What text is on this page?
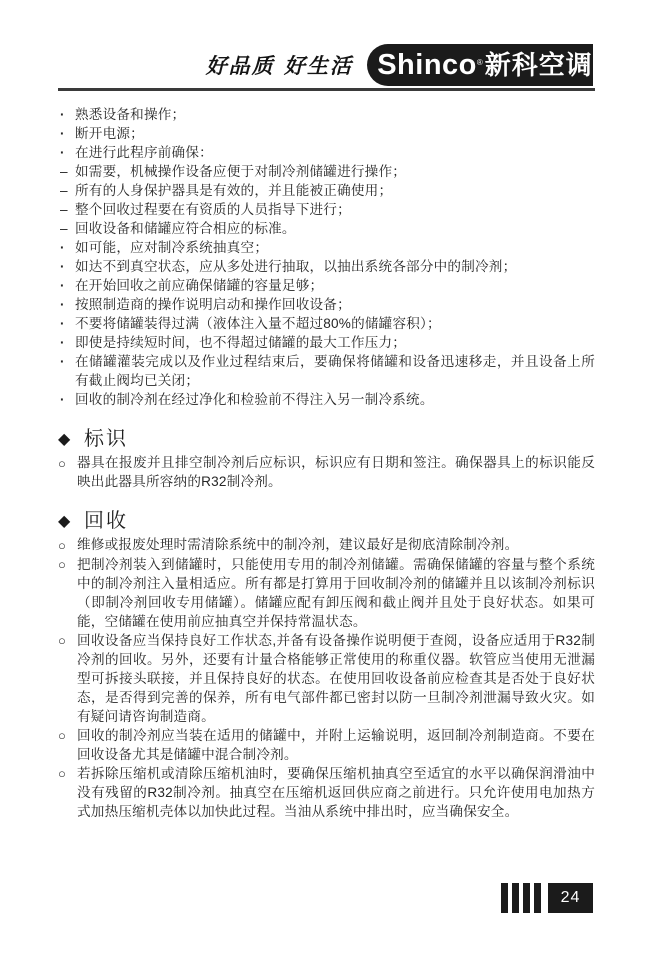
好品质 好生活 Shinco ® 新科空调
· 熟悉设备和操作；
· 断开电源；
· 在进行此程序前确保：
– 如需要，机械操作设备应便于对制冷剂储罐进行操作；
– 所有的人身保护器具是有效的，并且能被正确使用；
– 整个回收过程要在有资质的人员指导下进行；
– 回收设备和储罐应符合相应的标准。
· 如可能，应对制冷系统抽真空；
· 如达不到真空状态，应从多处进行抽取，以抽出系统各部分中的制冷剂；
· 在开始回收之前应确保储罐的容量足够；
· 按照制造商的操作说明启动和操作回收设备；
· 不要将储罐装得过满（液体注入量不超过80%的储罐容积）；
· 即使是持续短时间，也不得超过储罐的最大工作压力；
· 在储罐灌装完成以及作业过程结束后，要确保将储罐和设备迅速移走，并且设备上所有截止阀均已关闭；
· 回收的制冷剂在经过净化和检验前不得注入另一制冷系统。
◆ 标识
○ 器具在报废并且排空制冷剂后应标识，标识应有日期和签注。确保器具上的标识能反映出此器具所容纳的R32制冷剂。
◆ 回收
○ 维修或报废处理时需清除系统中的制冷剂，建议最好是彻底清除制冷剂。
○ 把制冷剂装入到储罐时，只能使用专用的制冷剂储罐。需确保储罐的容量与整个系统中的制冷剂注入量相适应。所有都是打算用于回收制冷剂的储罐并且以该制冷剂标识（即制冷剂回收专用储罐）。储罐应配有卸压阀和截止阀并且处于良好状态。如果可能，空储罐在使用前应抽真空并保持常温状态。
○ 回收设备应当保持良好工作状态,并备有设备操作说明便于查阅，设备应适用于R32制冷剂的回收。另外，还要有计量合格能够正常使用的称重仪器。软管应当使用无泄漏型可拆接头联接，并且保持良好的状态。在使用回收设备前应检查其是否处于良好状态，是否得到完善的保养，所有电气部件都已密封以防一旦制冷剂泄漏导致火灾。如有疑问请咨询制造商。
○ 回收的制冷剂应当装在适用的储罐中，并附上运输说明，返回制冷剂制造商。不要在回收设备尤其是储罐中混合制冷剂。
○ 若拆除压缩机或清除压缩机油时，要确保压缩机抽真空至适宜的水平以确保润滑油中没有残留的R32制冷剂。抽真空在压缩机返回供应商之前进行。只允许使用电加热方式加热压缩机壳体以加快此过程。当油从系统中排出时，应当确保安全。
24
